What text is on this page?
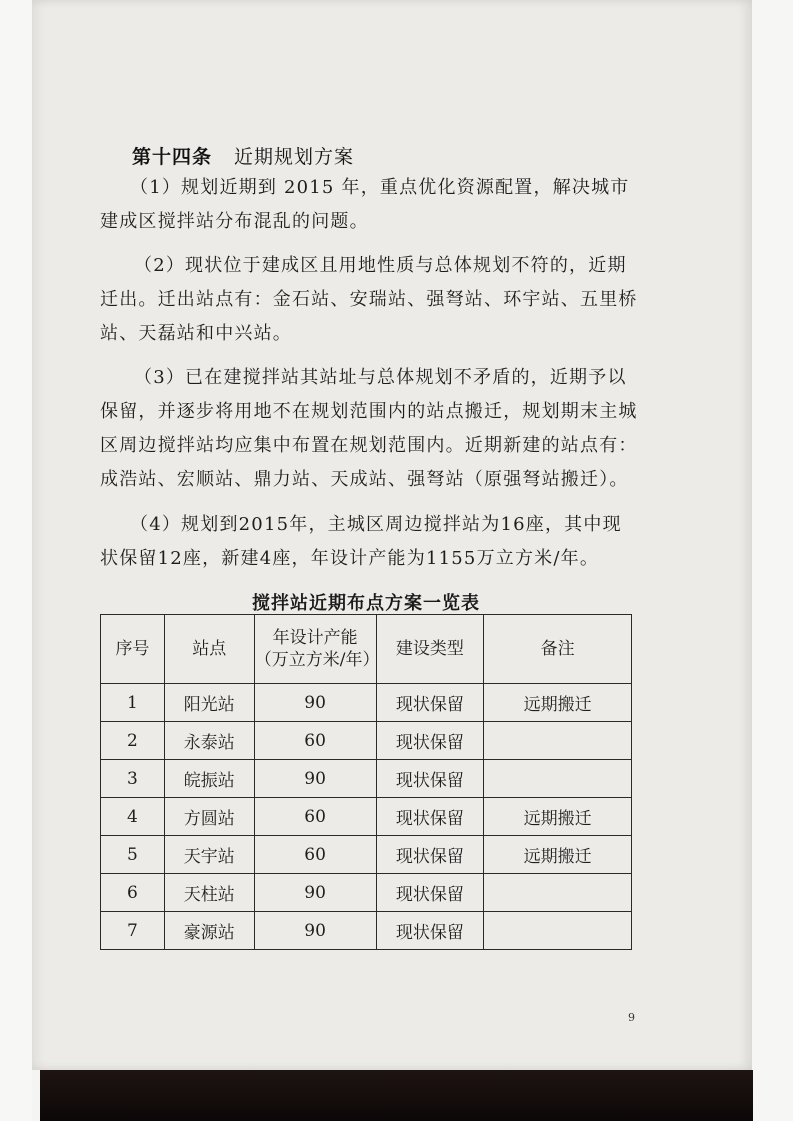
第十四条 近期规划方案
（1）规划近期到 2015 年，重点优化资源配置，解决城市建成区搅拌站分布混乱的问题。
（2）现状位于建成区且用地性质与总体规划不符的，近期迁出。迁出站点有：金石站、安瑞站、强弩站、环宇站、五里桥站、天磊站和中兴站。
（3）已在建搅拌站其站址与总体规划不矛盾的，近期予以保留，并逐步将用地不在规划范围内的站点搬迁，规划期末主城区周边搅拌站均应集中布置在规划范围内。近期新建的站点有：成浩站、宏顺站、鼎力站、天成站、强弩站（原强弩站搬迁）。
（4）规划到2015年，主城区周边搅拌站为16座，其中现状保留12座，新建4座，年设计产能为1155万立方米/年。
搅拌站近期布点方案一览表
序号	站点	年设计产能
（万立方米/年）	建设类型	备注
1	阳光站	90	现状保留	远期搬迁
2	永泰站	60	现状保留	
3	皖振站	90	现状保留	
4	方圆站	60	现状保留	远期搬迁
5	天宇站	60	现状保留	远期搬迁
6	天柱站	90	现状保留	
7	豪源站	90	现状保留	
9
